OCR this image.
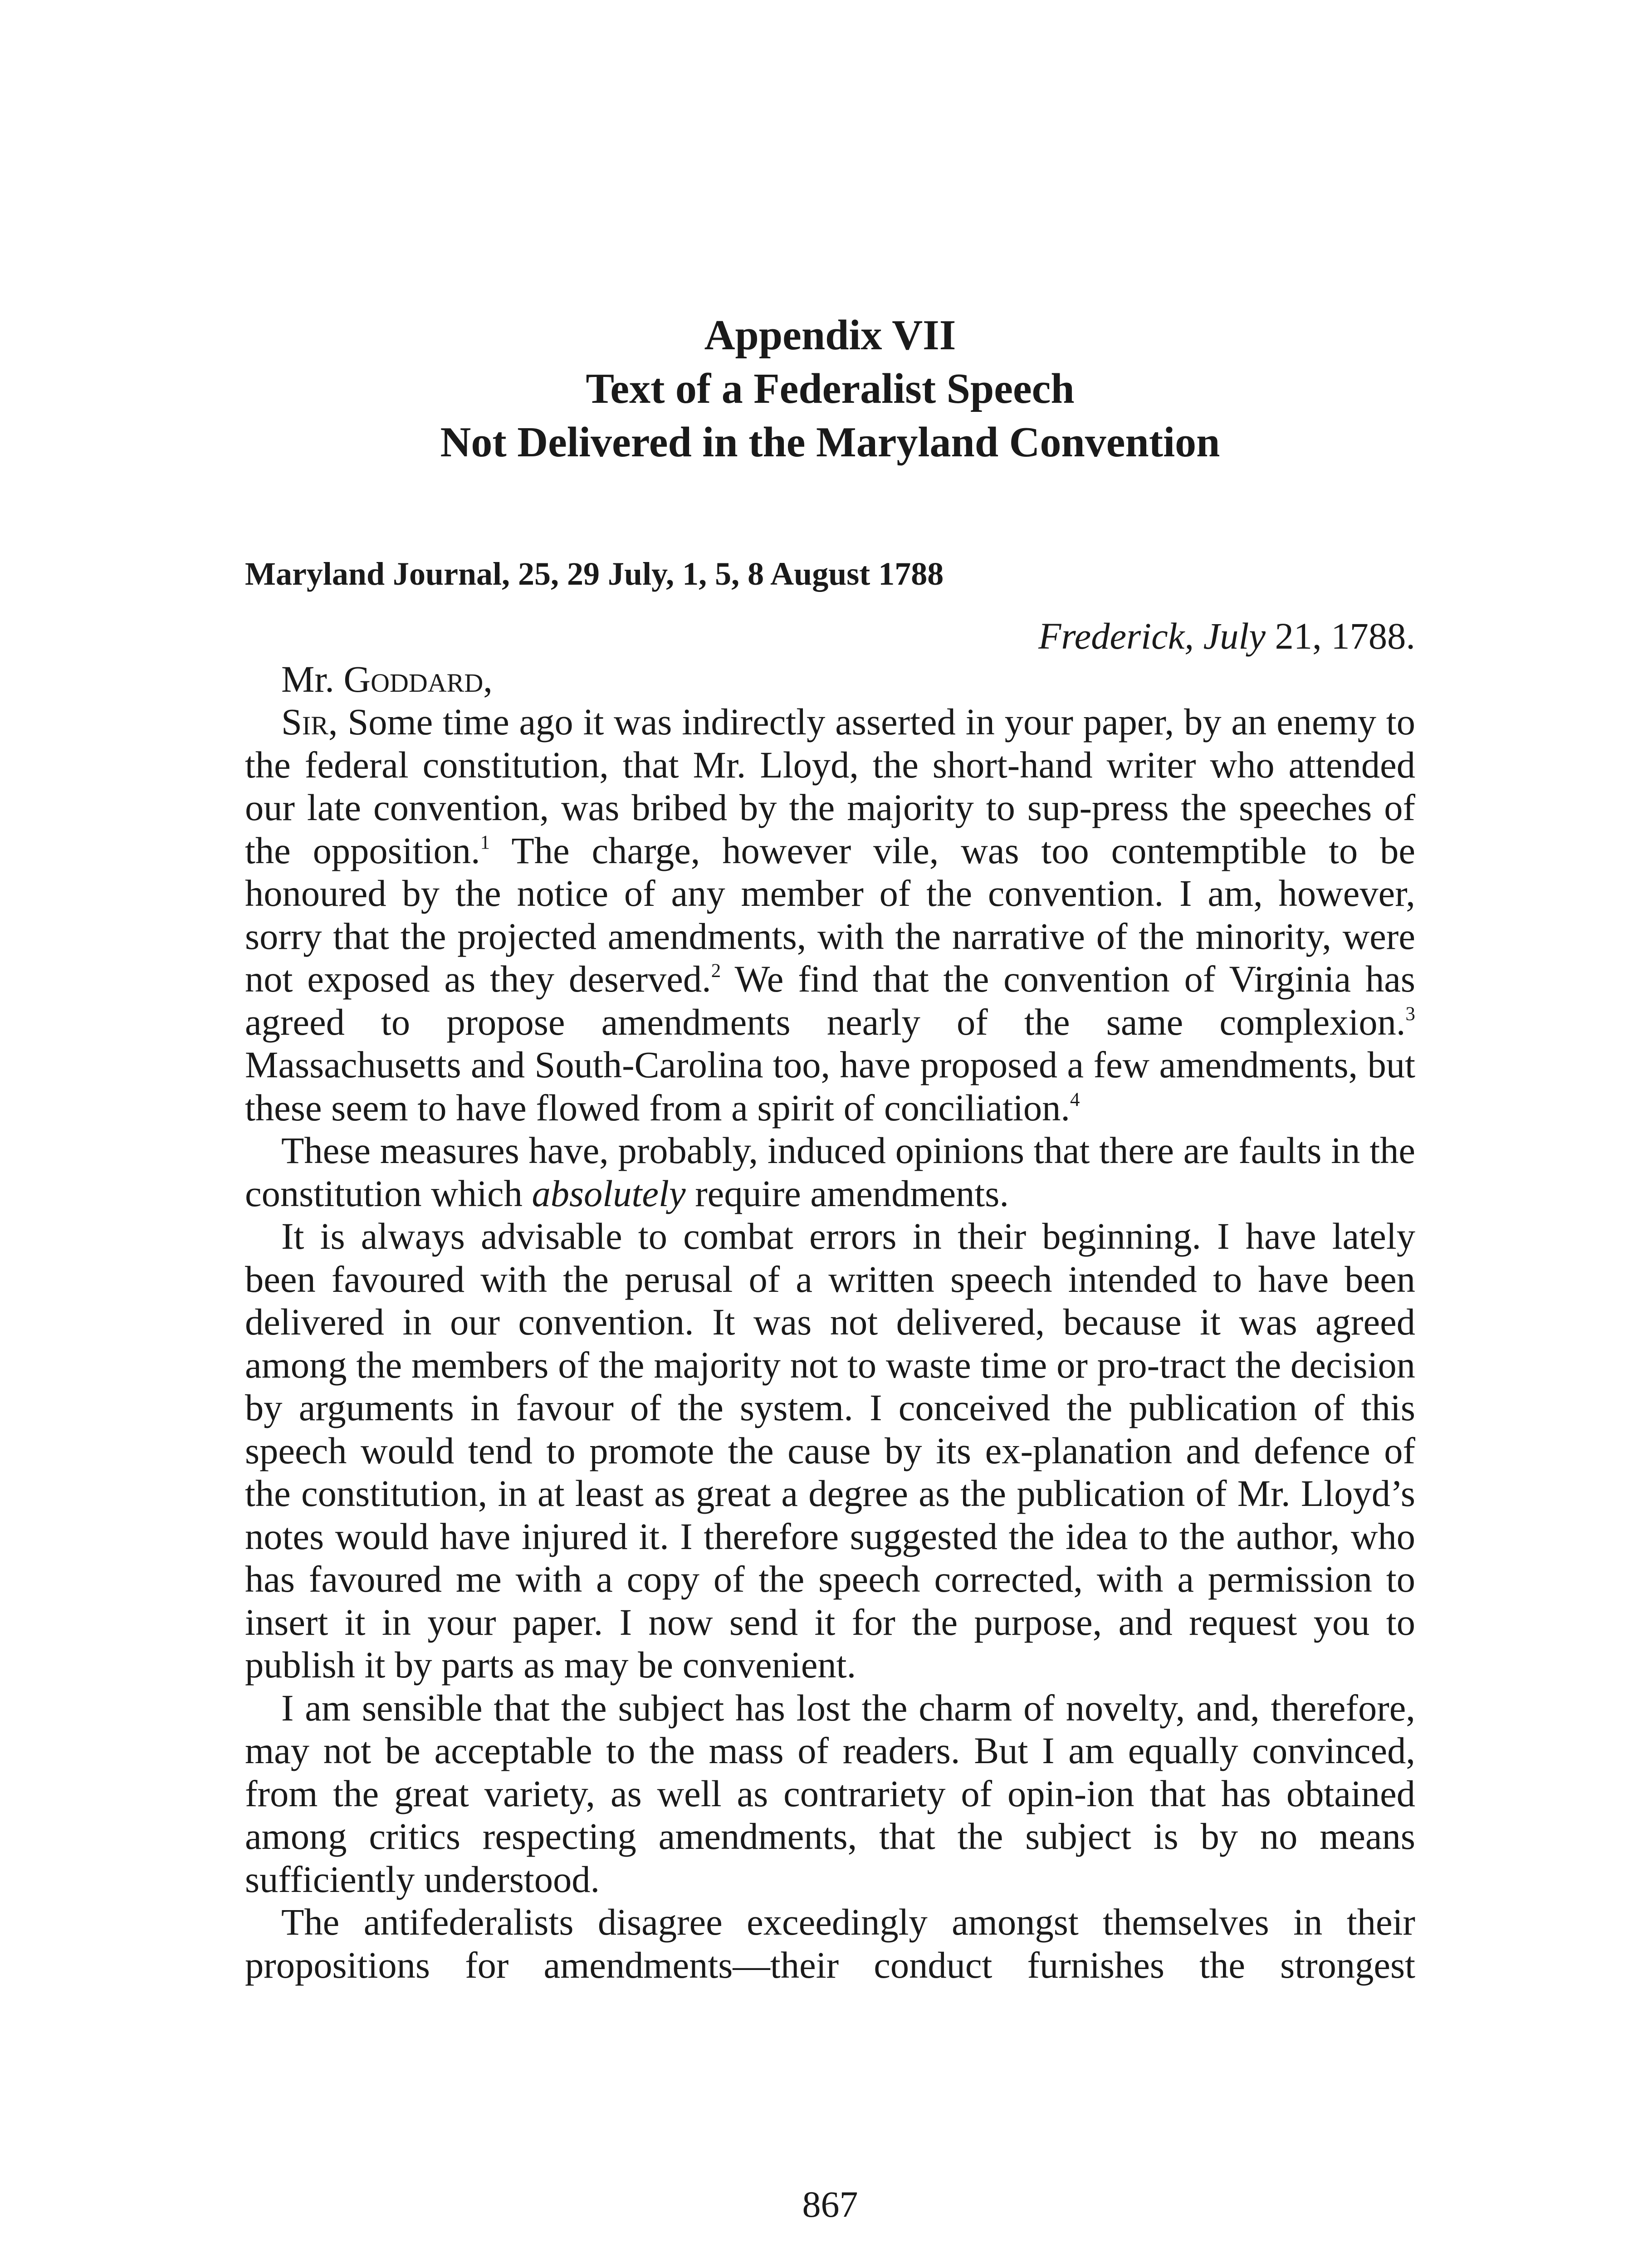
Appendix VII
Text of a Federalist Speech
Not Delivered in the Maryland Convention
Maryland Journal, 25, 29 July, 1, 5, 8 August 1788
Frederick, July 21, 1788.

Mr. Goddard,

Sir, Some time ago it was indirectly asserted in your paper, by an enemy to the federal constitution, that Mr. Lloyd, the short-hand writer who attended our late convention, was bribed by the majority to sup-press the speeches of the opposition.$^1$ The charge, however vile, was too contemptible to be honoured by the notice of any member of the convention. I am, however, sorry that the projected amendments, with the narrative of the minority, were not exposed as they deserved.$^2$ We find that the convention of Virginia has agreed to propose amendments nearly of the same complexion.$^3$ Massachusetts and South-Carolina too, have proposed a few amendments, but these seem to have flowed from a spirit of conciliation.$^4$

These measures have, probably, induced opinions that there are faults in the constitution which absolutely require amendments.

It is always advisable to combat errors in their beginning. I have lately been favoured with the perusal of a written speech intended to have been delivered in our convention. It was not delivered, because it was agreed among the members of the majority not to waste time or pro-tract the decision by arguments in favour of the system. I conceived the publication of this speech would tend to promote the cause by its ex-planation and defence of the constitution, in at least as great a degree as the publication of Mr. Lloyd’s notes would have injured it. I therefore suggested the idea to the author, who has favoured me with a copy of the speech corrected, with a permission to insert it in your paper. I now send it for the purpose, and request you to publish it by parts as may be convenient.

I am sensible that the subject has lost the charm of novelty, and, therefore, may not be acceptable to the mass of readers. But I am equally convinced, from the great variety, as well as contrariety of opin-ion that has obtained among critics respecting amendments, that the subject is by no means sufficiently understood.

The antifederalists disagree exceedingly amongst themselves in their propositions for amendments—their conduct furnishes the strongest

867
